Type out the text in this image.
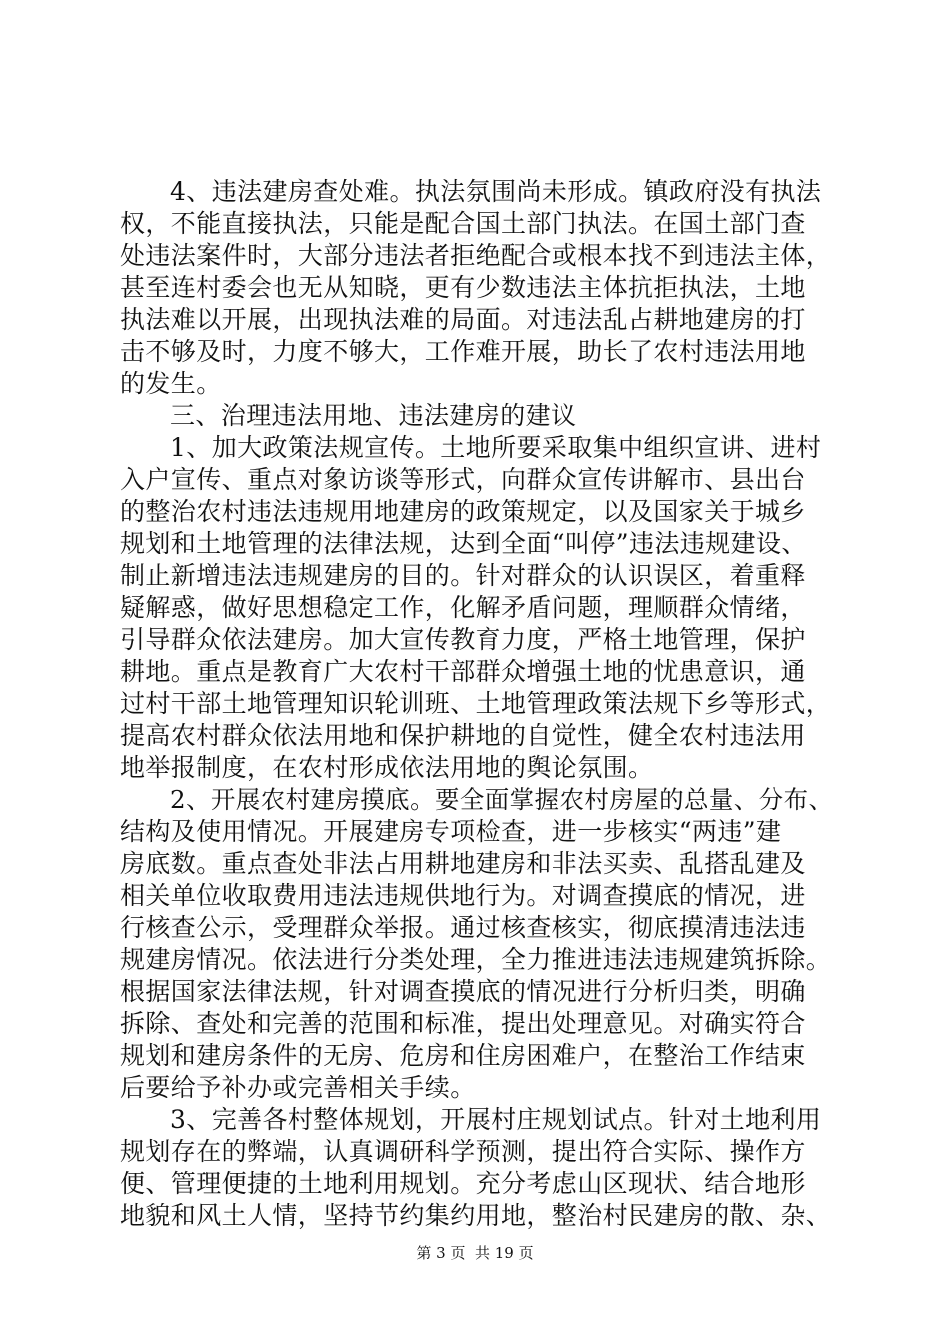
4、违法建房查处难。执法氛围尚未形成。镇政府没有执法
权，不能直接执法，只能是配合国土部门执法。在国土部门查
处违法案件时，大部分违法者拒绝配合或根本找不到违法主体，
甚至连村委会也无从知晓，更有少数违法主体抗拒执法，土地
执法难以开展，出现执法难的局面。对违法乱占耕地建房的打
击不够及时，力度不够大，工作难开展，助长了农村违法用地
的发生。
三、治理违法用地、违法建房的建议
1、加大政策法规宣传。土地所要采取集中组织宣讲、进村
入户宣传、重点对象访谈等形式，向群众宣传讲解市、县出台
的整治农村违法违规用地建房的政策规定，以及国家关于城乡
规划和土地管理的法律法规，达到全面“叫停”违法违规建设、
制止新增违法违规建房的目的。针对群众的认识误区，着重释
疑解惑，做好思想稳定工作，化解矛盾问题，理顺群众情绪，
引导群众依法建房。加大宣传教育力度，严格土地管理，保护
耕地。重点是教育广大农村干部群众增强土地的忧患意识，通
过村干部土地管理知识轮训班、土地管理政策法规下乡等形式，
提高农村群众依法用地和保护耕地的自觉性，健全农村违法用
地举报制度，在农村形成依法用地的舆论氛围。
2、开展农村建房摸底。要全面掌握农村房屋的总量、分布、
结构及使用情况。开展建房专项检查，进一步核实“两违”建
房底数。重点查处非法占用耕地建房和非法买卖、乱搭乱建及
相关单位收取费用违法违规供地行为。对调查摸底的情况，进
行核查公示，受理群众举报。通过核查核实，彻底摸清违法违
规建房情况。依法进行分类处理，全力推进违法违规建筑拆除。
根据国家法律法规，针对调查摸底的情况进行分析归类，明确
拆除、查处和完善的范围和标准，提出处理意见。对确实符合
规划和建房条件的无房、危房和住房困难户，在整治工作结束
后要给予补办或完善相关手续。
3、完善各村整体规划，开展村庄规划试点。针对土地利用
规划存在的弊端，认真调研科学预测，提出符合实际、操作方
便、管理便捷的土地利用规划。充分考虑山区现状、结合地形
地貌和风土人情，坚持节约集约用地，整治村民建房的散、杂、
第 3 页  共 19 页
